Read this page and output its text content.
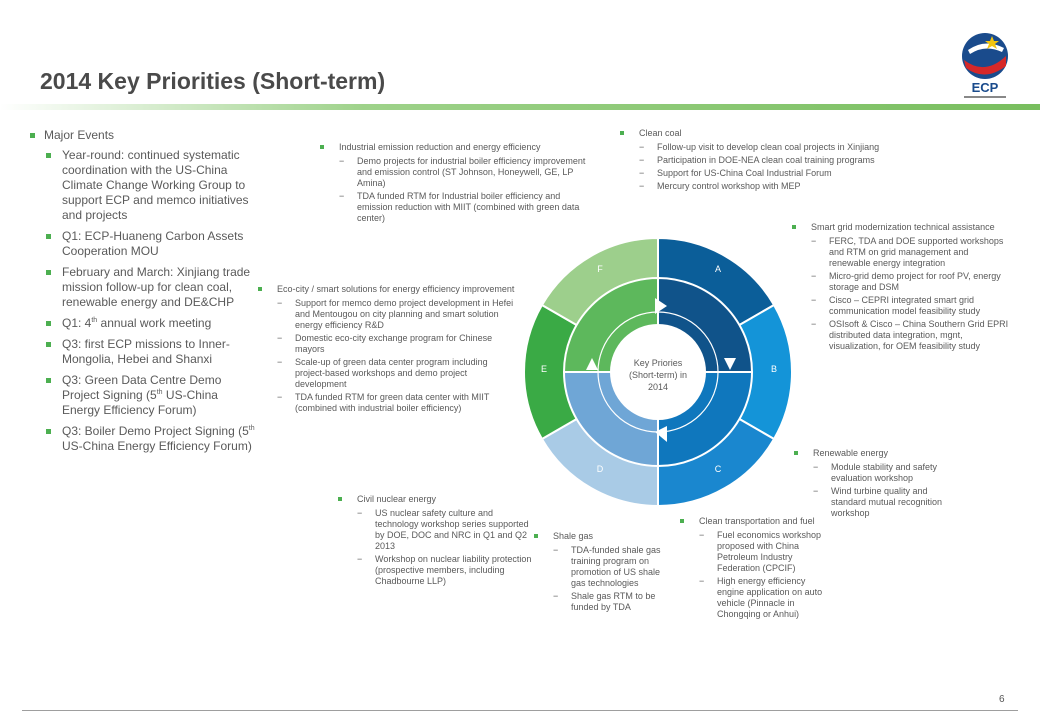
2014 Key Priorities (Short-term)	ECP
Major Events
Year-round: continued systematic coordination with the US-China Climate Change Working Group to support ECP and memco initiatives and projects
Q1: ECP-Huaneng Carbon Assets Cooperation MOU
February and March: Xinjiang trade mission follow-up for clean coal, renewable energy and DE&CHP
Q1: 4th annual work meeting
Q3: first ECP missions to Inner-Mongolia, Hebei and Shanxi
Q3: Green Data Centre Demo Project Signing (5th US-China Energy Efficiency Forum)
Q3: Boiler Demo Project Signing (5th US-China Energy Efficiency Forum)
Key Priories
(Short-term) in
2014
A
B
C
D
E
F
Clean coal
− Follow-up visit to develop clean coal projects in Xinjiang
− Participation in DOE-NEA clean coal training programs
− Support for US-China Coal Industrial Forum
− Mercury control workshop with MEP
Industrial emission reduction and energy efficiency
− Demo projects for industrial boiler efficiency improvement and emission control (ST Johnson, Honeywell, GE, LP Amina)
− TDA funded RTM for Industrial boiler efficiency and emission reduction with MIIT (combined with green data center)
Smart grid modernization technical assistance
− FERC, TDA and DOE supported workshops and RTM on grid management and renewable energy integration
− Micro-grid demo project for roof PV, energy storage and DSM
− Cisco – CEPRI integrated smart grid communication model feasibility study
− OSIsoft & Cisco – China Southern Grid EPRI distributed data integration, mgnt, visualization, for OEM feasibility study
Eco-city / smart solutions for energy efficiency improvement
− Support for memco demo project development in Hefei and Mentougou on city planning and smart solution energy efficiency R&D
− Domestic eco-city exchange program for Chinese mayors
− Scale-up of green data center program including project-based workshops and demo project development
− TDA funded RTM for green data center with MIIT (combined with industrial boiler efficiency)
Renewable energy
− Module stability and safety evaluation workshop
− Wind turbine quality and standard mutual recognition workshop
Civil nuclear energy
− US nuclear safety culture and technology workshop series supported by DOE, DOC and NRC in Q1 and Q2 2013
− Workshop on nuclear liability protection (prospective members, including Chadbourne LLP)
Shale gas
− TDA-funded shale gas training program on promotion of US shale gas technologies
− Shale gas RTM to be funded by TDA
Clean transportation and fuel
− Fuel economics workshop proposed with China Petroleum Industry Federation (CPCIF)
− High energy efficiency engine application on auto vehicle (Pinnacle in Chongqing or Anhui)
6
